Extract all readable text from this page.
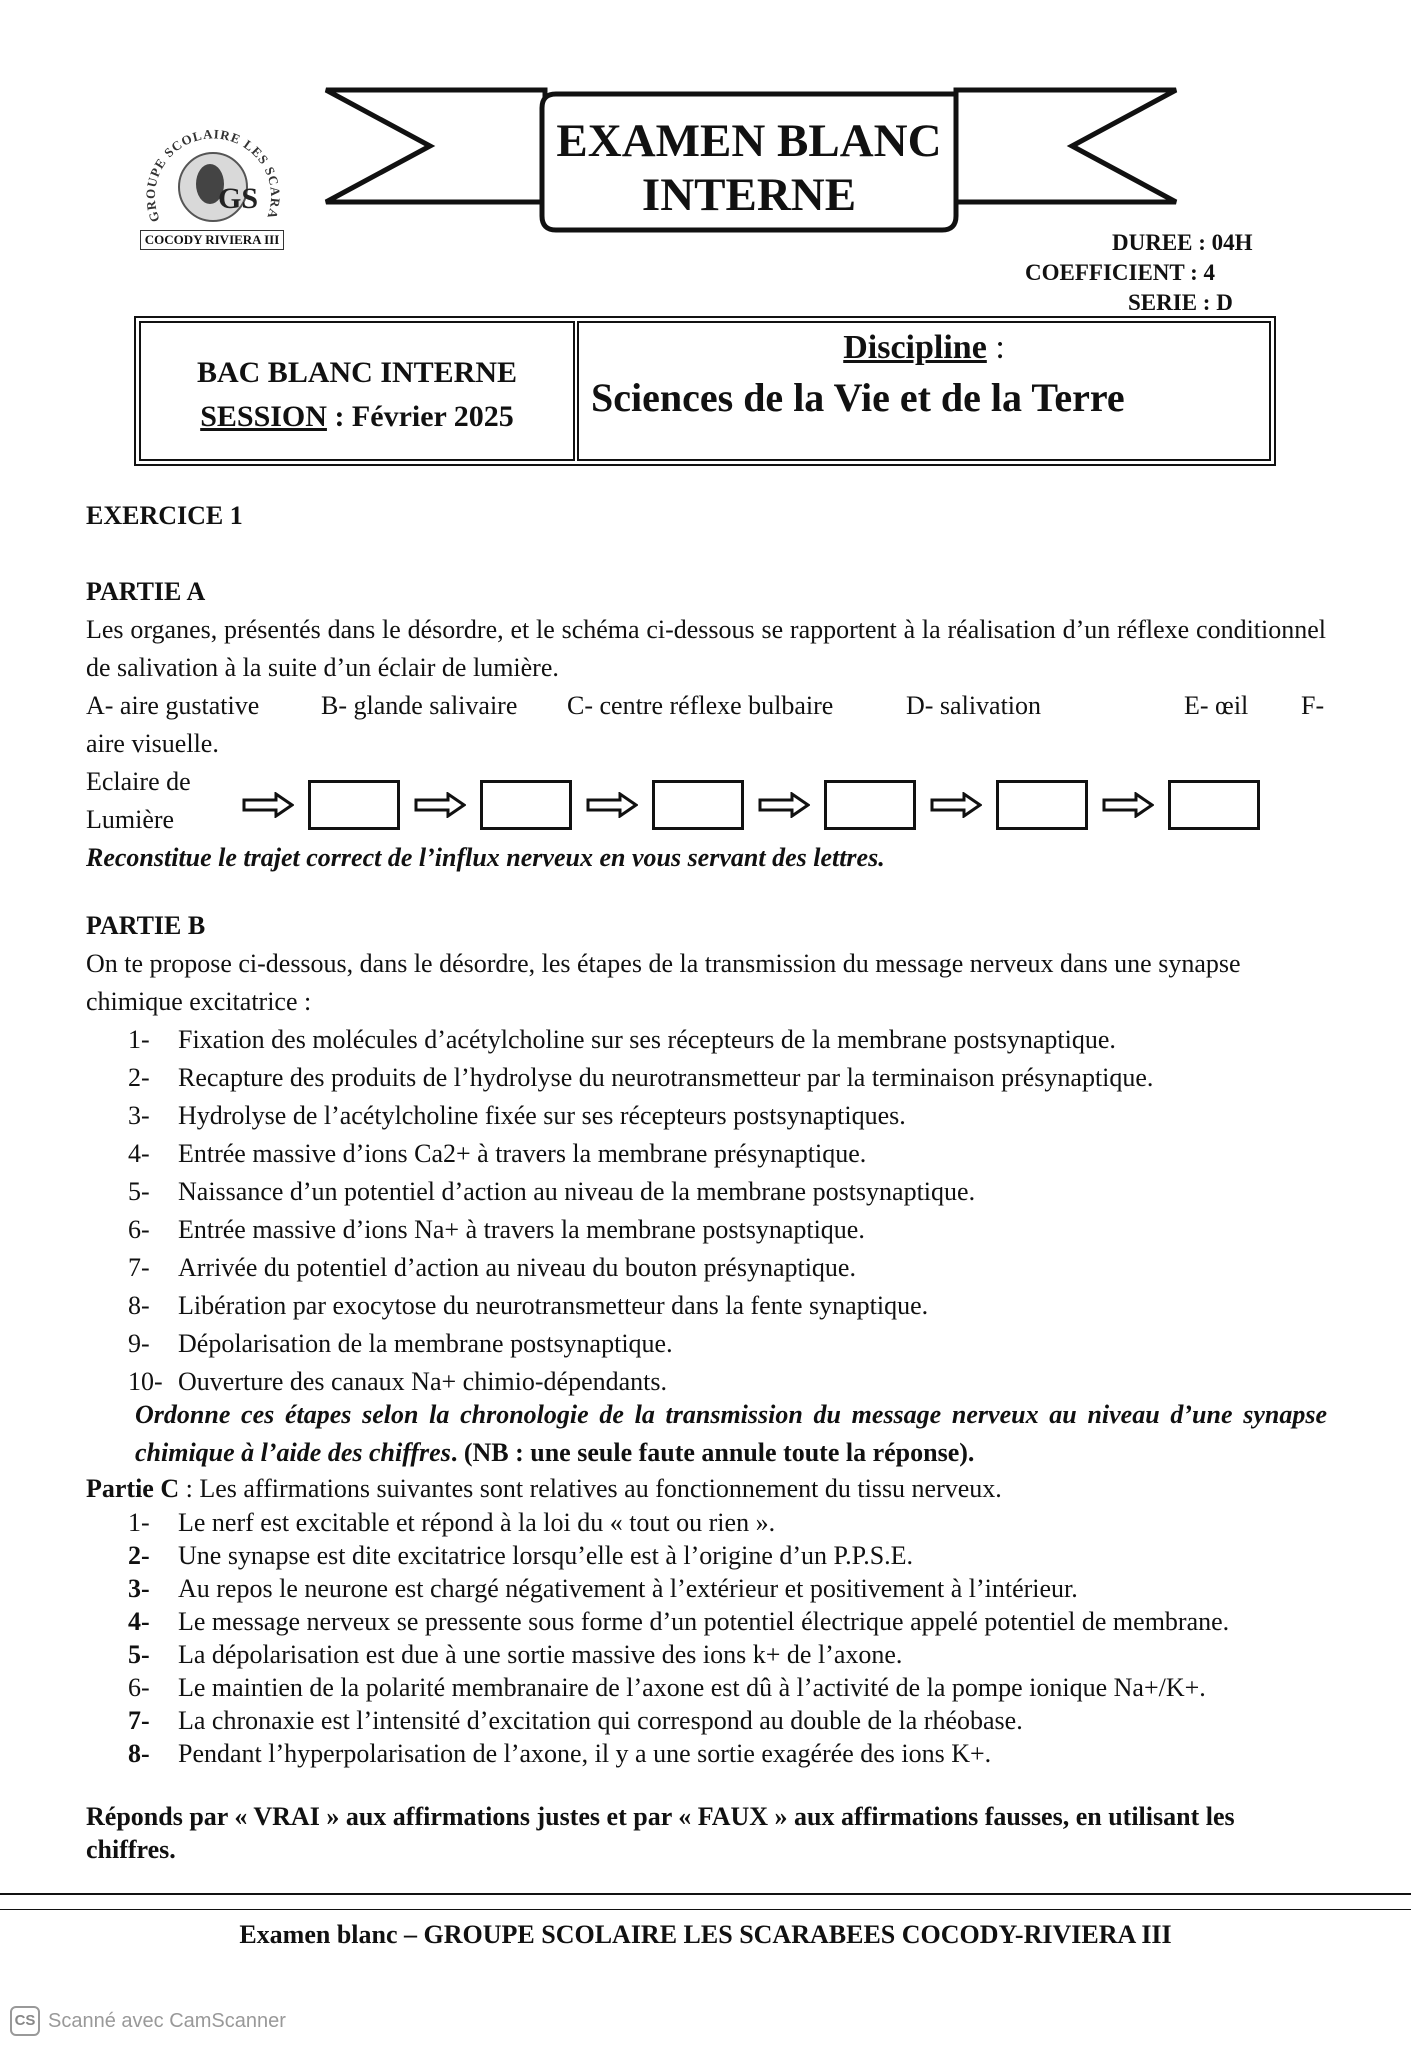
GROUPE SCOLAIRE LES SCARA
GS
COCODY RIVIERA III
EXAMEN BLANC
INTERNE
DUREE : 04H
COEFFICIENT : 4
SERIE : D
BAC BLANC INTERNE
SESSION : Février 2025
Discipline :
Sciences de la Vie et de la Terre
EXERCICE 1
PARTIE A
Les organes, présentés dans le désordre, et le schéma ci-dessous se rapportent à la réalisation d’un réflexe conditionnel de salivation à la suite d’un éclair de lumière.
A- aire gustative B- glande salivaire C- centre réflexe bulbaire	D- salivation	E- œil F-
aire visuelle.
Eclaire de
Lumière
Reconstitue le trajet correct de l’influx nerveux en vous servant des lettres.
PARTIE B
On te propose ci-dessous, dans le désordre, les étapes de la transmission du message nerveux dans une synapse chimique excitatrice :
1- Fixation des molécules d’acétylcholine sur ses récepteurs de la membrane postsynaptique.
2- Recapture des produits de l’hydrolyse du neurotransmetteur par la terminaison présynaptique.
3- Hydrolyse de l’acétylcholine fixée sur ses récepteurs postsynaptiques.
4- Entrée massive d’ions Ca2+ à travers la membrane présynaptique.
5- Naissance d’un potentiel d’action au niveau de la membrane postsynaptique.
6- Entrée massive d’ions Na+ à travers la membrane postsynaptique.
7- Arrivée du potentiel d’action au niveau du bouton présynaptique.
8- Libération par exocytose du neurotransmetteur dans la fente synaptique.
9- Dépolarisation de la membrane postsynaptique.
10- Ouverture des canaux Na+ chimio-dépendants.
Ordonne ces étapes selon la chronologie de la transmission du message nerveux au niveau d’une synapse chimique à l’aide des chiffres. (NB : une seule faute annule toute la réponse).
Partie C : Les affirmations suivantes sont relatives au fonctionnement du tissu nerveux.
1- Le nerf est excitable et répond à la loi du « tout ou rien ».
2- Une synapse est dite excitatrice lorsqu’elle est à l’origine d’un P.P.S.E.
3- Au repos le neurone est chargé négativement à l’extérieur et positivement à l’intérieur.
4- Le message nerveux se pressente sous forme d’un potentiel électrique appelé potentiel de membrane.
5- La dépolarisation est due à une sortie massive des ions k+ de l’axone.
6- Le maintien de la polarité membranaire de l’axone est dû à l’activité de la pompe ionique Na+/K+.
7- La chronaxie est l’intensité d’excitation qui correspond au double de la rhéobase.
8- Pendant l’hyperpolarisation de l’axone, il y a une sortie exagérée des ions K+.
Réponds par « VRAI » aux affirmations justes et par « FAUX » aux affirmations fausses, en utilisant les chiffres.
Examen blanc – GROUPE SCOLAIRE LES SCARABEES COCODY-RIVIERA III
CS Scanné avec CamScanner
